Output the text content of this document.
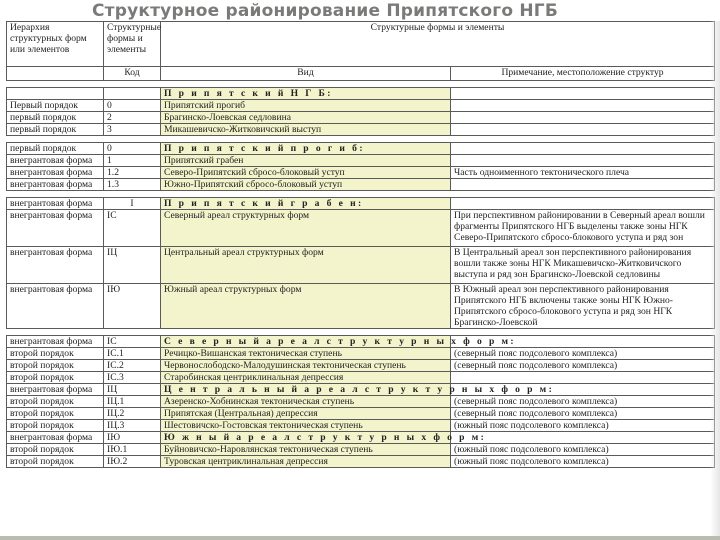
Структурное районирование Припятского НГБ
Иерархия структурных форм или элементов	Структурные формы и элементы	Структурные формы и элементы	
	Код	Вид	Примечание, местоположение структур

		П р и п я т с к и й Н Г Б:	
Первый порядок	0	Припятский прогиб	
первый порядок	2	Брагинско-Лоевская седловина	
первый порядок	3	Микашевичско-Житковичский выступ	

первый порядок	0	П р и п я т с к и й п р о г и б:	
внегрантовая форма	1	Припятский грабен	
внегрантовая форма	1.2	Северо-Припятский сбросо-блоковый уступ	Часть одноименного тектонического плеча
внегрантовая форма	1.3	Южно-Припятский сбросо-блоковый уступ	

внегрантовая форма	I	П р и п я т с к и й г р а б е н:	
внегрантовая форма	IС	Северный ареал структурных форм	При перспективном районировании в Северный ареал вошли фрагменты Припятского НГБ выделены также зоны НГК Северо-Припятского сбросо-блокового уступа и ряд зон
внегрантовая форма	IЦ	Центральный ареал структурных форм	В Центральный ареал зон перспективного районирования вошли также зоны НГК Микашевичско-Житковичского выступа и ряд зон Брагинско-Лоевской седловины
внегрантовая форма	IЮ	Южный ареал структурных форм	В Южный ареал зон перспективного районирования Припятского НГБ включены также зоны НГК Южно-Припятского сбросо-блокового уступа и ряд зон НГК Брагинско-Лоевской

внегрантовая форма	IС	С е в е р н ы й а р е а л с т р у к т у р н ы х ф о р м:	
второй порядок	IС.1	Речицко-Вишанская тектоническая ступень	(северный пояс подсолевого комплекса)
второй порядок	IС.2	Червонослободско-Малодушинская тектоническая ступень	(северный пояс подсолевого комплекса)
второй порядок	IС.3	Старобинская центриклинальная депрессия	
внегрантовая форма	IЦ	Ц е н т р а л ь н ы й а р е а л с т р у к т у р н ы х ф о р м:	
второй порядок	IЦ.1	Азеренско-Хобнинская тектоническая ступень	(северный пояс подсолевого комплекса)
второй порядок	IЦ.2	Припятская (Центральная) депрессия	(северный пояс подсолевого комплекса)
второй порядок	IЦ.3	Шестовичско-Гостовская тектоническая ступень	(южный пояс подсолевого комплекса)
внегрантовая форма	IЮ	Ю ж н ы й а р е а л с т р у к т у р н ы х ф о р м:	
второй порядок	IЮ.1	Буйновичско-Наровлянская тектоническая ступень	(южный пояс подсолевого комплекса)
второй порядок	IЮ.2	Туровская центриклинальная депрессия	(южный пояс подсолевого комплекса)
